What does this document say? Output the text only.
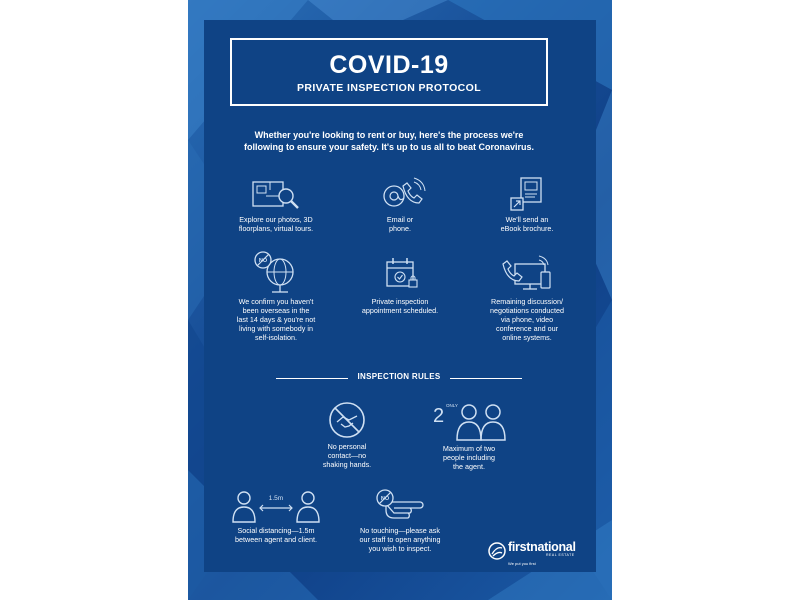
COVID-19
PRIVATE INSPECTION PROTOCOL
Whether you're looking to rent or buy, here's the process we're
following to ensure your safety. It's up to us all to beat Coronavirus.
Explore our photos, 3D
floorplans, virtual tours.
Email or
phone.
We'll send an
eBook brochure.
NO
We confirm you haven't
been overseas in the
last 14 days & you're not
living with somebody in
self-isolation.
Private inspection
appointment scheduled.
Remaining discussion/
negotiations conducted
via phone, video
conference and our
online systems.
INSPECTION RULES
No personal
contact—no
shaking hands.
2 ONLY
Maximum of two
people including
the agent.
1.5m
Social distancing—1.5m
between agent and client.
NO
No touching—please ask
our staff to open anything
you wish to inspect.	firstnational
REAL ESTATE
We put you first
